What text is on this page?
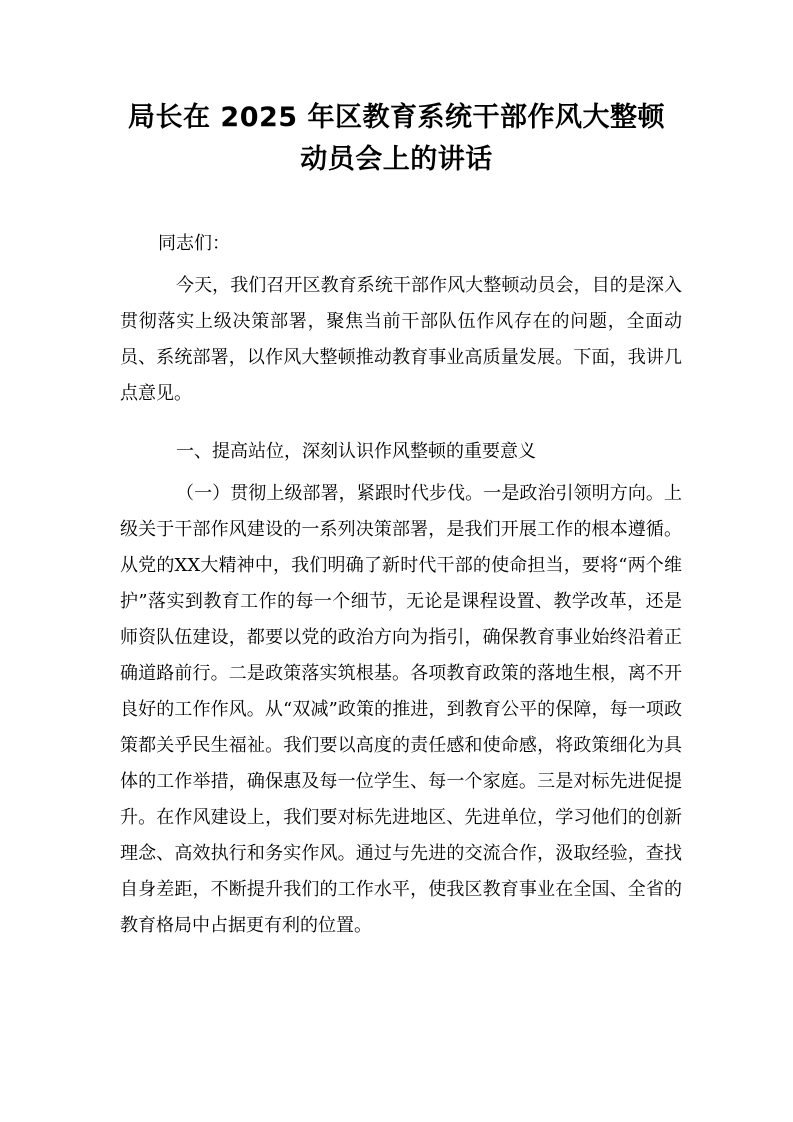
局长在 2025 年区教育系统干部作风大整顿
动员会上的讲话

同志们：

今天，我们召开区教育系统干部作风大整顿动员会，目的是深入贯彻落实上级决策部署，聚焦当前干部队伍作风存在的问题，全面动员、系统部署，以作风大整顿推动教育事业高质量发展。下面，我讲几点意见。

一、提高站位，深刻认识作风整顿的重要意义

（一）贯彻上级部署，紧跟时代步伐。一是政治引领明方向。上级关于干部作风建设的一系列决策部署，是我们开展工作的根本遵循。从党的XX大精神中，我们明确了新时代干部的使命担当，要将“两个维护”落实到教育工作的每一个细节，无论是课程设置、教学改革，还是师资队伍建设，都要以党的政治方向为指引，确保教育事业始终沿着正确道路前行。二是政策落实筑根基。各项教育政策的落地生根，离不开良好的工作作风。从“双减”政策的推进，到教育公平的保障，每一项政策都关乎民生福祉。我们要以高度的责任感和使命感，将政策细化为具体的工作举措，确保惠及每一位学生、每一个家庭。三是对标先进促提升。在作风建设上，我们要对标先进地区、先进单位，学习他们的创新理念、高效执行和务实作风。通过与先进的交流合作，汲取经验，查找自身差距，不断提升我们的工作水平，使我区教育事业在全国、全省的教育格局中占据更有利的位置。
